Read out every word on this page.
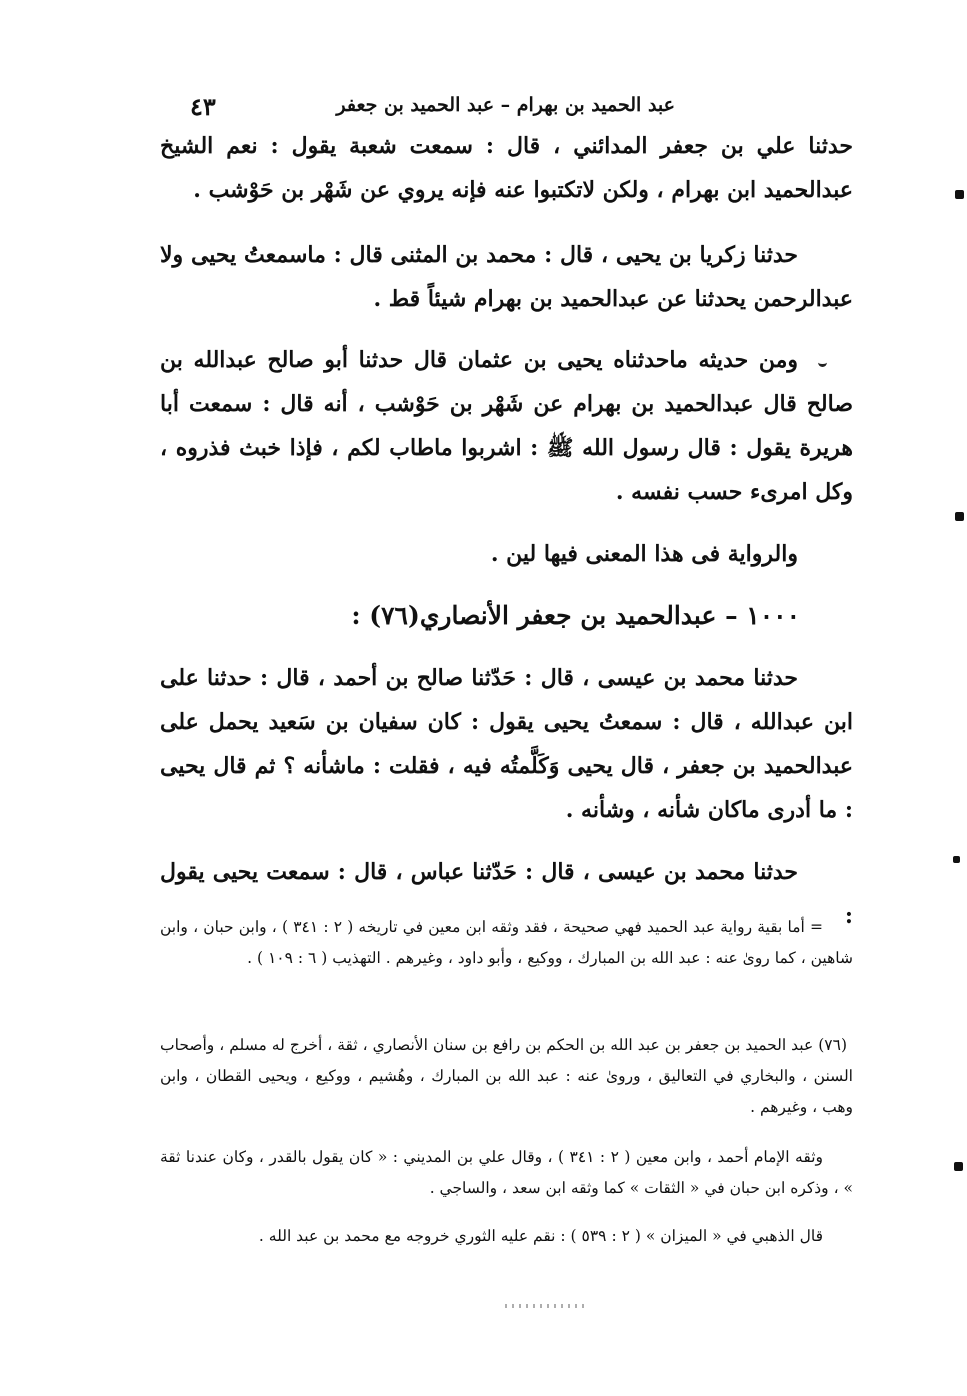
عبد الحميد بن بهرام – عبد الحميد بن جعفر
٤٣
حدثنا علي بن جعفر المدائني ، قال : سمعت شعبة يقول : نعم الشيخ عبدالحميد ابن بهرام ، ولكن لاتكتبوا عنه فإنه يروي عن شَهْر بن حَوْشب .
حدثنا زكريا بن يحيى ، قال : محمد بن المثنى قال : ماسمعتُ يحيى ولا عبدالرحمن يحدثنا عن عبدالحميد بن بهرام شيئاً قط .
ومن حديثه ماحدثناه يحيى بن عثمان قال حدثنا أبو صالح عبدالله بن صالح قال عبدالحميد بن بهرام عن شَهْر بن حَوْشب ، أنه قال : سمعت أبا هريرة يقول : قال رسول الله ﷺ : اشربوا ماطاب لكم ، فإذا خبث فذروه ، وكل امرىء حسب نفسه .
والرواية فى هذا المعنى فيها لين .
١٠٠٠ – عبدالحميد بن جعفر الأنصاري(٧٦) :
حدثنا محمد بن عيسى ، قال : حَدّثنا صالح بن أحمد ، قال : حدثنا على ابن عبدالله ، قال : سمعتُ يحيى يقول : كان سفيان بن سَعيد يحمل على عبدالحميد بن جعفر ، قال يحيى وَكَلَّمتُه فيه ، فقلت : ماشأنه ؟ ثم قال يحيى : ما أدرى ماكان شأنه ، وشأنه .
حدثنا محمد بن عيسى ، قال : حَدّثنا عباس ، قال : سمعت يحيى يقول :
= أما بقية رواية عبد الحميد فهي صحيحة ، فقد وثقه ابن معين في تاريخه ( ٢ : ٣٤١ ) ، وابن حبان ، وابن شاهين ، كما روىٰ عنه : عبد الله بن المبارك ، ووكيع ، وأبو داود ، وغيرهم . التهذيب ( ٦ : ١٠٩ ) .
(٧٦) عبد الحميد بن جعفر بن عبد الله بن الحكم بن رافع بن سنان الأنصاري ، ثقة ، أخرج له مسلم ، وأصحاب السنن ، والبخاري في التعاليق ، وروىٰ عنه : عبد الله بن المبارك ، وهُشيم ، ووكيع ، ويحيى القطان ، وابن وهب ، وغيرهم .
وثقه الإمام أحمد ، وابن معين ( ٢ : ٣٤١ ) ، وقال علي بن المديني : « كان يقول بالقدر ، وكان عندنا ثقة » ، وذكره ابن حبان في « الثقات » كما وثقه ابن سعد ، والساجي .
قال الذهبي في « الميزان » ( ٢ : ٥٣٩ ) : نقم عليه الثوري خروجه مع محمد بن عبد الله .
